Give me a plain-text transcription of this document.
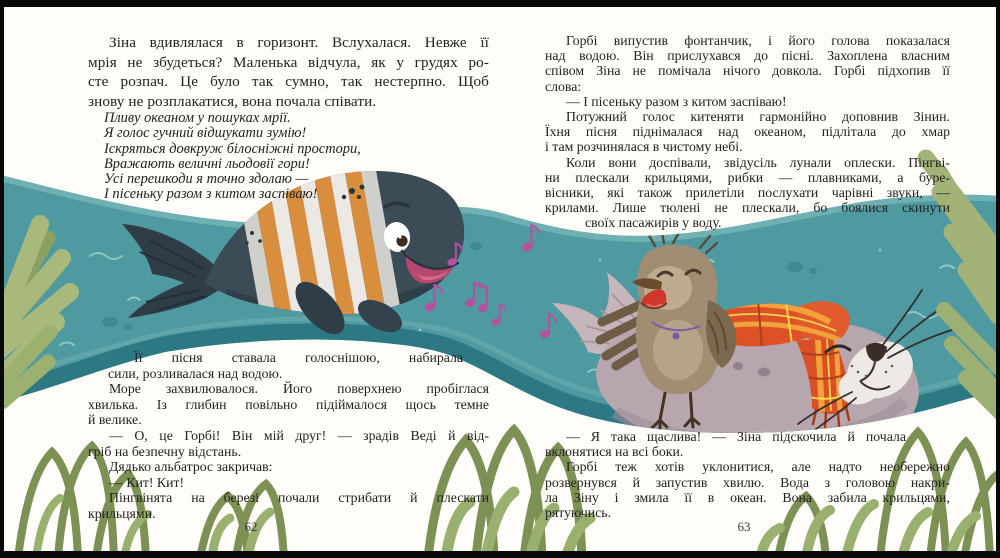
Зіна вдивлялася в горизонт. Вслухалася. Невже її
мрія не збудеться? Маленька відчула, як у грудях ро-
сте розпач. Це було так сумно, так нестерпно. Щоб
знову не розплакатися, вона почала співати.
Пливу океаном у пошуках мрії.
Я голос гучний відшукати зумію!
Іскряться довкруж білосніжні простори,
Вражають величні льодовії гори!
Усі перешкоди я точно здолаю —
І пісеньку разом з китом заспіваю!
Її пісня ставала голоснішою, набирала
сили, розливалася над водою.
Море захвилювалося. Його поверхнею пробіглася
хвилька. Із глибин повільно підіймалося щось темне
й велике.
— О, це Горбі! Він мій друг! — зрадів Веді й від-
гріб на безпечну відстань.
Дядько альбатрос закричав:
— Кит! Кит!
Пінгвінята на березі почали стрибати й плескати
крильцями.
Горбі випустив фонтанчик, і його голова показалася
над водою. Він прислухався до пісні. Захоплена власним
співом Зіна не помічала нічого довкола. Горбі підхопив її
слова:
— І пісеньку разом з китом заспіваю!
Потужний голос китеняти гармонійно доповнив Зінин.
Їхня пісня піднімалася над океаном, підлітала до хмар
і там розчинялася в чистому небі.
Коли вони доспівали, звідусіль лунали оплески. Пінгві-
ни плескали крильцями, рибки — плавниками, а буре-
вісники, які також прилетіли послухати чарівні звуки, —
крилами. Лише тюлені не плескали, бо боялися скинути
своїх пасажирів у воду.
— Я така щаслива! — Зіна підскочила й почала
вклонятися на всі боки.
Горбі теж хотів уклонитися, але надто необережно
розвернувся й запустив хвилю. Вода з головою накри-
ла Зіну і змила її в океан. Вона забила крильцями,
рятуючись.
62	63
